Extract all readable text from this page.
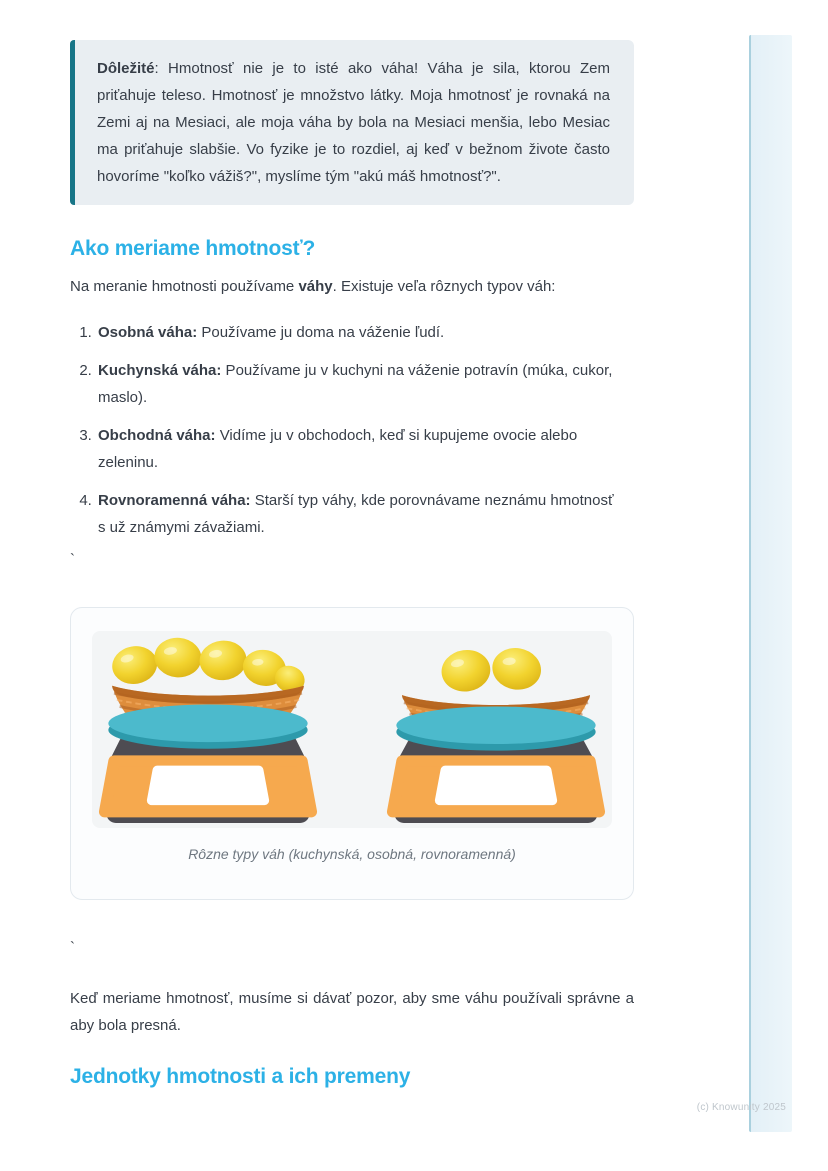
Dôležité: Hmotnosť nie je to isté ako váha! Váha je sila, ktorou Zem priťahuje teleso. Hmotnosť je množstvo látky. Moja hmotnosť je rovnaká na Zemi aj na Mesiaci, ale moja váha by bola na Mesiaci menšia, lebo Mesiac ma priťahuje slabšie. Vo fyzike je to rozdiel, aj keď v bežnom živote často hovoríme "koľko vážiš?", myslíme tým "akú máš hmotnosť?".
Ako meriame hmotnosť?

Na meranie hmotnosti používame váhy. Existuje veľa rôznych typov váh:

1. Osobná váha: Používame ju doma na váženie ľudí.
2. Kuchynská váha: Používame ju v kuchyni na váženie potravín (múka, cukor, maslo).
3. Obchodná váha: Vidíme ju v obchodoch, keď si kupujeme ovocie alebo zeleninu.
4. Rovnoramenná váha: Starší typ váhy, kde porovnávame neznámu hmotnosť s už známymi závažiami.
`

Rôzne typy váh (kuchynská, osobná, rovnoramenná)

`

Keď meriame hmotnosť, musíme si dávať pozor, aby sme váhu používali správne a aby bola presná.

Jednotky hmotnosti a ich premeny
(c) Knowunity 2025
